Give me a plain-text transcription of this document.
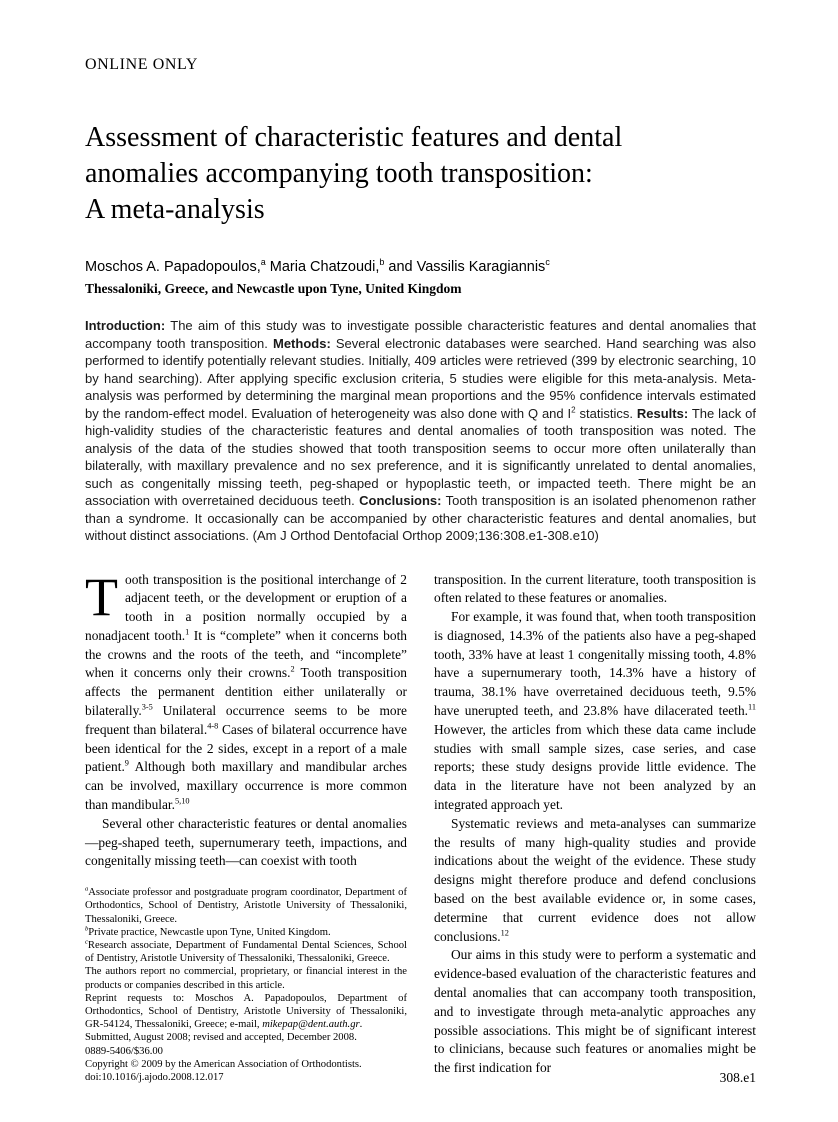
ONLINE ONLY
Assessment of characteristic features and dental
anomalies accompanying tooth transposition:
A meta-analysis
Moschos A. Papadopoulos,$^a$ Maria Chatzoudi,$^b$ and Vassilis Karagiannis$^c$
Thessaloniki, Greece, and Newcastle upon Tyne, United Kingdom
Introduction: The aim of this study was to investigate possible characteristic features and dental anomalies that accompany tooth transposition. Methods: Several electronic databases were searched. Hand searching was also performed to identify potentially relevant studies. Initially, 409 articles were retrieved (399 by electronic searching, 10 by hand searching). After applying specific exclusion criteria, 5 studies were eligible for this meta-analysis. Meta-analysis was performed by determining the marginal mean proportions and the 95% confidence intervals estimated by the random-effect model. Evaluation of heterogeneity was also done with Q and $I^2$ statistics. Results: The lack of high-validity studies of the characteristic features and dental anomalies of tooth transposition was noted. The analysis of the data of the studies showed that tooth transposition seems to occur more often unilaterally than bilaterally, with maxillary prevalence and no sex preference, and it is significantly unrelated to dental anomalies, such as congenitally missing teeth, peg-shaped or hypoplastic teeth, or impacted teeth. There might be an association with overretained deciduous teeth. Conclusions: Tooth transposition is an isolated phenomenon rather than a syndrome. It occasionally can be accompanied by other characteristic features and dental anomalies, but without distinct associations. (Am J Orthod Dentofacial Orthop 2009;136:308.e1-308.e10)

Tooth transposition is the positional interchange of 2 adjacent teeth, or the development or eruption of a tooth in a position normally occupied by a nonadjacent tooth.$^1$ It is “complete” when it concerns both the crowns and the roots of the teeth, and “incomplete” when it concerns only their crowns.$^2$ Tooth transposition affects the permanent dentition either unilaterally or bilaterally.$^{3-5}$ Unilateral occurrence seems to be more frequent than bilateral.$^{4-8}$ Cases of bilateral occurrence have been identical for the 2 sides, except in a report of a male patient.$^9$ Although both maxillary and mandibular arches can be involved, maxillary occurrence is more common than mandibular.$^{5,10}$

Several other characteristic features or dental anomalies—peg-shaped teeth, supernumerary teeth, impactions, and congenitally missing teeth—can coexist with tooth

$^a$Associate professor and postgraduate program coordinator, Department of Orthodontics, School of Dentistry, Aristotle University of Thessaloniki, Thessaloniki, Greece.

$^b$Private practice, Newcastle upon Tyne, United Kingdom.

$^c$Research associate, Department of Fundamental Dental Sciences, School of Dentistry, Aristotle University of Thessaloniki, Thessaloniki, Greece.

The authors report no commercial, proprietary, or financial interest in the products or companies described in this article.

Reprint requests to: Moschos A. Papadopoulos, Department of Orthodontics, School of Dentistry, Aristotle University of Thessaloniki, GR-54124, Thessaloniki, Greece; e-mail, mikepap@dent.auth.gr.

Submitted, August 2008; revised and accepted, December 2008.

0889-5406/$36.00

Copyright © 2009 by the American Association of Orthodontists.

doi:10.1016/j.ajodo.2008.12.017

transposition. In the current literature, tooth transposition is often related to these features or anomalies.

For example, it was found that, when tooth transposition is diagnosed, 14.3% of the patients also have a peg-shaped tooth, 33% have at least 1 congenitally missing tooth, 4.8% have a supernumerary tooth, 14.3% have a history of trauma, 38.1% have overretained deciduous teeth, 9.5% have unerupted teeth, and 23.8% have dilacerated teeth.$^{11}$ However, the articles from which these data came include studies with small sample sizes, case series, and case reports; these study designs provide little evidence. The data in the literature have not been analyzed by an integrated approach yet.

Systematic reviews and meta-analyses can summarize the results of many high-quality studies and provide indications about the weight of the evidence. These study designs might therefore produce and defend conclusions based on the best available evidence or, in some cases, determine that current evidence does not allow conclusions.$^{12}$

Our aims in this study were to perform a systematic and evidence-based evaluation of the characteristic features and dental anomalies that can accompany tooth transposition, and to investigate through meta-analytic approaches any possible associations. This might be of significant interest to clinicians, because such features or anomalies might be the first indication for

308.e1
